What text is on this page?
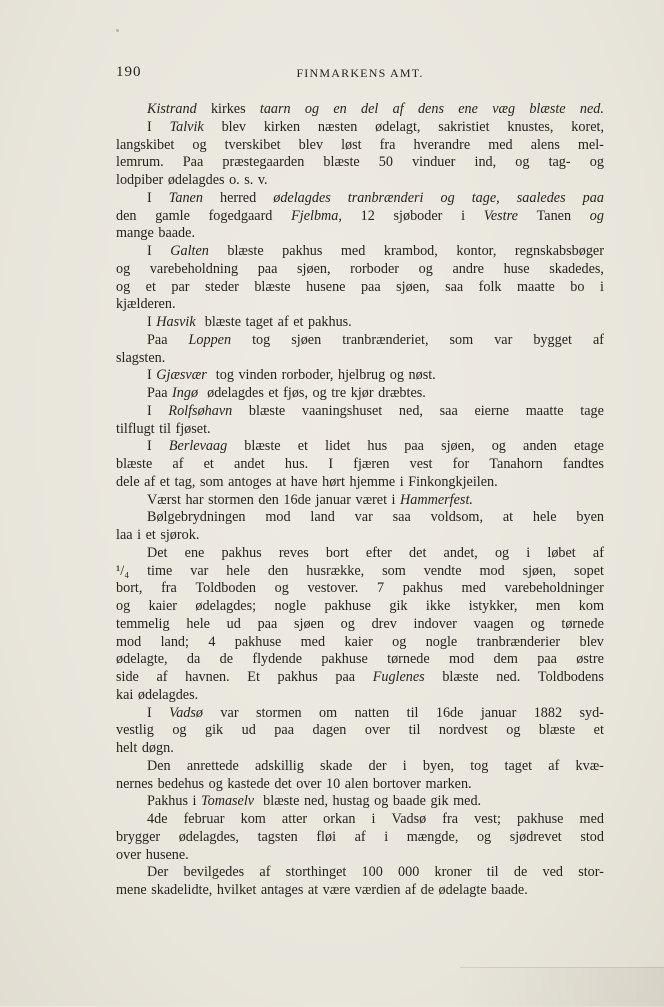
190	FINMARKENS AMT.
Kistrand kirkes taarn og en del af dens ene væg blæste ned.
I Talvik blev kirken næsten ødelagt, sakristiet knustes, koret,
langskibet og tverskibet blev løst fra hverandre med alens mel-
lemrum. Paa præstegaarden blæste 50 vinduer ind, og tag- og
lodpiber ødelagdes o. s. v.
I Tanen herred ødelagdes tranbrænderi og tage, saaledes paa
den gamle fogedgaard Fjelbma, 12 sjøboder i Vestre Tanen og
mange baade.
I Galten blæste pakhus med krambod, kontor, regnskabsbøger
og varebeholdning paa sjøen, rorboder og andre huse skadedes,
og et par steder blæste husene paa sjøen, saa folk maatte bo i
kjælderen.
I Hasvik blæste taget af et pakhus.
Paa Loppen tog sjøen tranbrænderiet, som var bygget af
slagsten.
I Gjæsvær tog vinden rorboder, hjelbrug og nøst.
Paa Ingø ødelagdes et fjøs, og tre kjør dræbtes.
I Rolfsøhavn blæste vaaningshuset ned, saa eierne maatte tage
tilflugt til fjøset.
I Berlevaag blæste et lidet hus paa sjøen, og anden etage
blæste af et andet hus. I fjæren vest for Tanahorn fandtes
dele af et tag, som antoges at have hørt hjemme i Finkongkjeilen.
Værst har stormen den 16de januar været i Hammerfest.
Bølgebrydningen mod land var saa voldsom, at hele byen
laa i et sjørok.
Det ene pakhus reves bort efter det andet, og i løbet af
¹/₄ time var hele den husrække, som vendte mod sjøen, sopet
bort, fra Toldboden og vestover. 7 pakhus med varebeholdninger
og kaier ødelagdes; nogle pakhuse gik ikke istykker, men kom
temmelig hele ud paa sjøen og drev indover vaagen og tørnede
mod land; 4 pakhuse med kaier og nogle tranbrænderier blev
ødelagte, da de flydende pakhuse tørnede mod dem paa østre
side af havnen. Et pakhus paa Fuglenes blæste ned. Toldbodens
kai ødelagdes.
I Vadsø var stormen om natten til 16de januar 1882 syd-
vestlig og gik ud paa dagen over til nordvest og blæste et
helt døgn.
Den anrettede adskillig skade der i byen, tog taget af kvæ-
nernes bedehus og kastede det over 10 alen bortover marken.
Pakhus i Tomaselv blæste ned, hustag og baade gik med.
4de februar kom atter orkan i Vadsø fra vest; pakhuse med
brygger ødelagdes, tagsten fløi af i mængde, og sjødrevet stod
over husene.
Der bevilgedes af storthinget 100 000 kroner til de ved stor-
mene skadelidte, hvilket antages at være værdien af de ødelagte baade.
